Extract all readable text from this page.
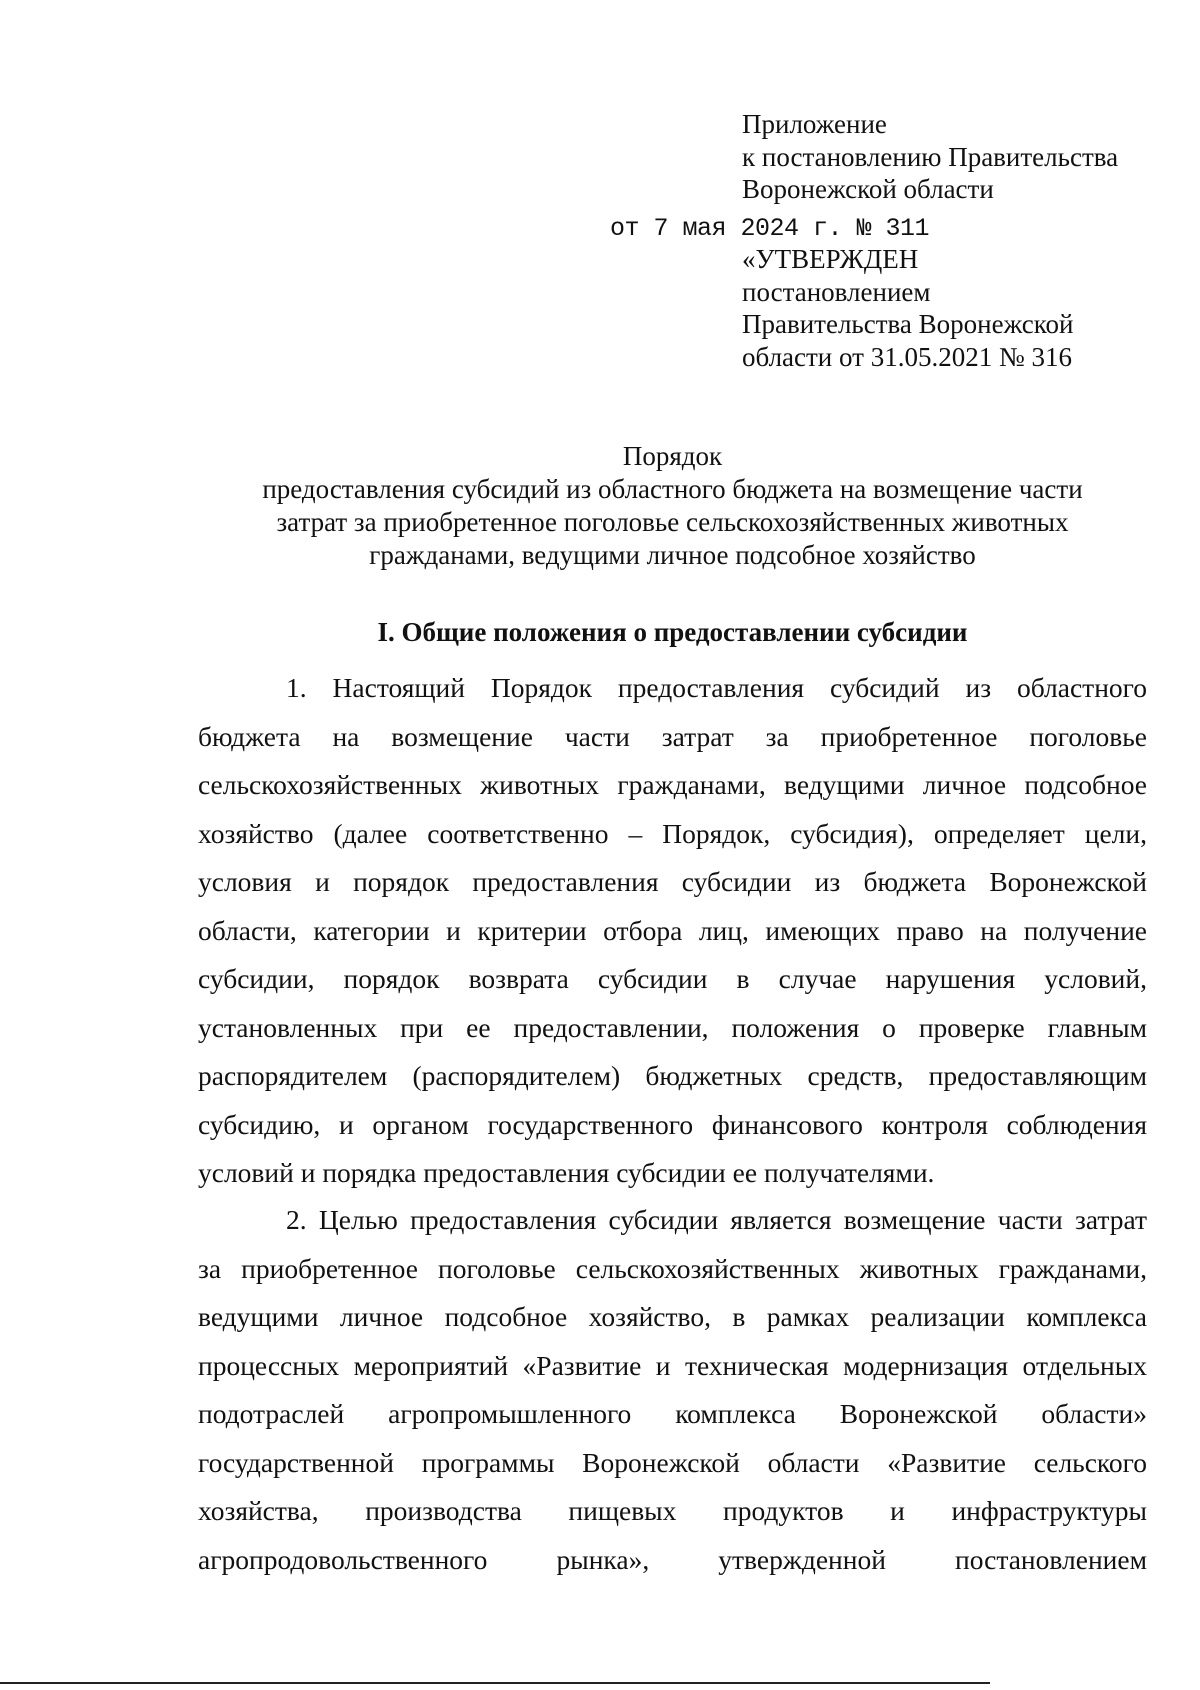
Приложение
к постановлению Правительства
Воронежской области
от 7 мая 2024 г. № 311
«УТВЕРЖДЕН
постановлением
Правительства Воронежской
области от 31.05.2021 № 316
Порядок
предоставления субсидий из областного бюджета на возмещение части
затрат за приобретенное поголовье сельскохозяйственных животных
гражданами, ведущими личное подсобное хозяйство
I. Общие положения о предоставлении субсидии
1. Настоящий Порядок предоставления субсидий из областного
бюджета на возмещение части затрат за приобретенное поголовье
сельскохозяйственных животных гражданами, ведущими личное подсобное
хозяйство (далее соответственно – Порядок, субсидия), определяет цели,
условия и порядок предоставления субсидии из бюджета Воронежской
области, категории и критерии отбора лиц, имеющих право на получение
субсидии, порядок возврата субсидии в случае нарушения условий,
установленных при ее предоставлении, положения о проверке главным
распорядителем (распорядителем) бюджетных средств, предоставляющим
субсидию, и органом государственного финансового контроля соблюдения
условий и порядка предоставления субсидии ее получателями.
2. Целью предоставления субсидии является возмещение части затрат
за приобретенное поголовье сельскохозяйственных животных гражданами,
ведущими личное подсобное хозяйство, в рамках реализации комплекса
процессных мероприятий «Развитие и техническая модернизация отдельных
подотраслей агропромышленного комплекса Воронежской области»
государственной программы Воронежской области «Развитие сельского
хозяйства, производства пищевых продуктов и инфраструктуры
агропродовольственного рынка», утвержденной постановлением
